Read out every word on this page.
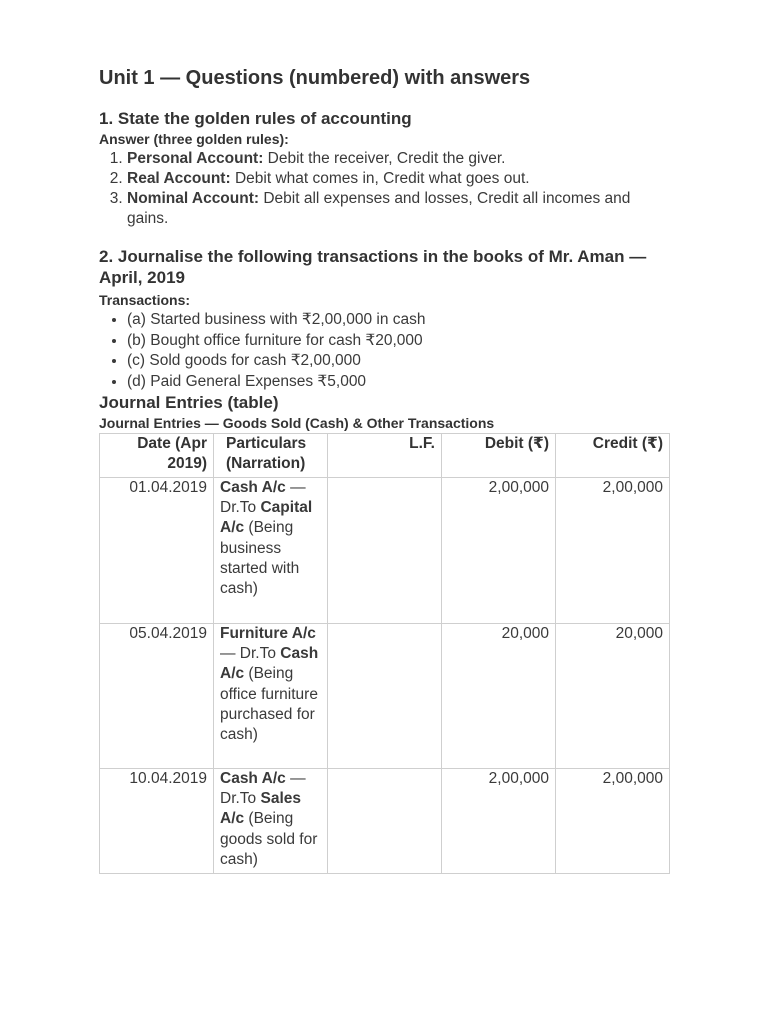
Unit 1 — Questions (numbered) with answers
1. State the golden rules of accounting
Answer (three golden rules):
1. Personal Account: Debit the receiver, Credit the giver.
2. Real Account: Debit what comes in, Credit what goes out.
3. Nominal Account: Debit all expenses and losses, Credit all incomes and gains.
2. Journalise the following transactions in the books of Mr. Aman — April, 2019
Transactions:
• (a) Started business with ₹2,00,000 in cash
• (b) Bought office furniture for cash ₹20,000
• (c) Sold goods for cash ₹2,00,000
• (d) Paid General Expenses ₹5,000
Journal Entries (table)
Journal Entries — Goods Sold (Cash) & Other Transactions
Date (Apr 2019)	Particulars (Narration)	L.F.	Debit (₹)	Credit (₹)
01.04.2019	Cash A/c — Dr.To Capital A/c (Being business started with cash)		2,00,000	2,00,000
05.04.2019	Furniture A/c — Dr.To Cash A/c (Being office furniture purchased for cash)		20,000	20,000
10.04.2019	Cash A/c — Dr.To Sales A/c (Being goods sold for cash)		2,00,000	2,00,000
